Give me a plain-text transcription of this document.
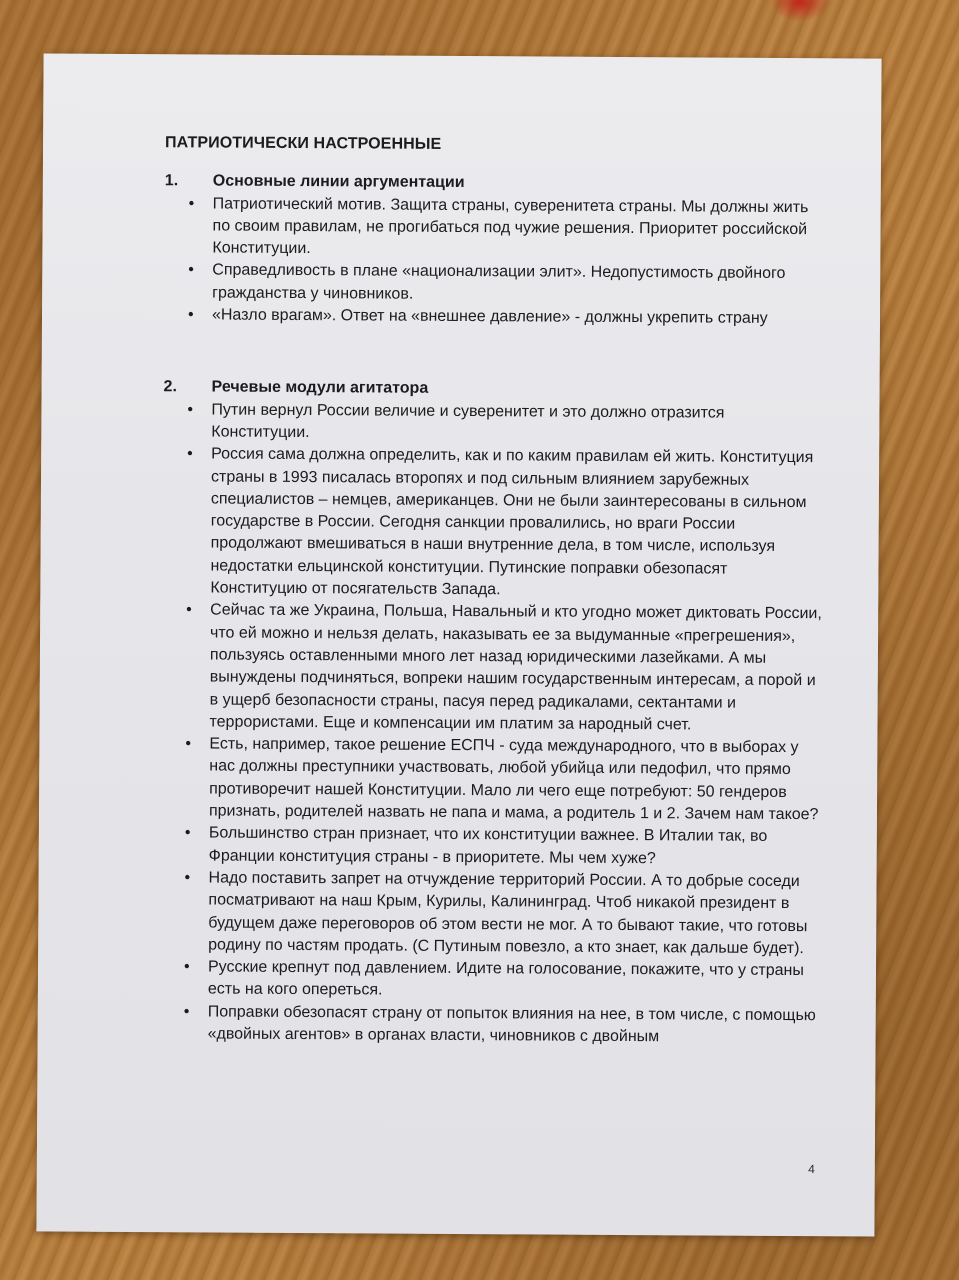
ПАТРИОТИЧЕСКИ НАСТРОЕННЫЕ
1.	Основные линии аргументации
•	Патриотический мотив. Защита страны, суверенитета страны. Мы должны жить по своим правилам, не прогибаться под чужие решения. Приоритет российской Конституции.
•	Справедливость в плане «национализации элит». Недопустимость двойного гражданства у чиновников.
•	«Назло врагам». Ответ на «внешнее давление» - должны укрепить страну
2.	Речевые модули агитатора
•	Путин вернул России величие и суверенитет и это должно отразится Конституции.
•	Россия сама должна определить, как и по каким правилам ей жить. Конституция страны в 1993 писалась второпях и под сильным влиянием зарубежных специалистов – немцев, американцев. Они не были заинтересованы в сильном государстве в России. Сегодня санкции провалились, но враги России продолжают вмешиваться в наши внутренние дела, в том числе, используя недостатки ельцинской конституции. Путинские поправки обезопасят Конституцию от посягательств Запада.
•	Сейчас та же Украина, Польша, Навальный и кто угодно может диктовать России, что ей можно и нельзя делать, наказывать ее за выдуманные «прегрешения», пользуясь оставленными много лет назад юридическими лазейками. А мы вынуждены подчиняться, вопреки нашим государственным интересам, а порой и в ущерб безопасности страны, пасуя перед радикалами, сектантами и террористами. Еще и компенсации им платим за народный счет.
•	Есть, например, такое решение ЕСПЧ - суда международного, что в выборах у нас должны преступники участвовать, любой убийца или педофил, что прямо противоречит нашей Конституции. Мало ли чего еще потребуют: 50 гендеров признать, родителей назвать не папа и мама, а родитель 1 и 2. Зачем нам такое?
•	Большинство стран признает, что их конституции важнее. В Италии так, во Франции конституция страны - в приоритете. Мы чем хуже?
•	Надо поставить запрет на отчуждение территорий России. А то добрые соседи посматривают на наш Крым, Курилы, Калининград. Чтоб никакой президент в будущем даже переговоров об этом вести не мог. А то бывают такие, что готовы родину по частям продать. (С Путиным повезло, а кто знает, как дальше будет).
•	Русские крепнут под давлением. Идите на голосование, покажите, что у страны есть на кого опереться.
•	Поправки обезопасят страну от попыток влияния на нее, в том числе, с помощью «двойных агентов» в органах власти, чиновников с двойным
4
